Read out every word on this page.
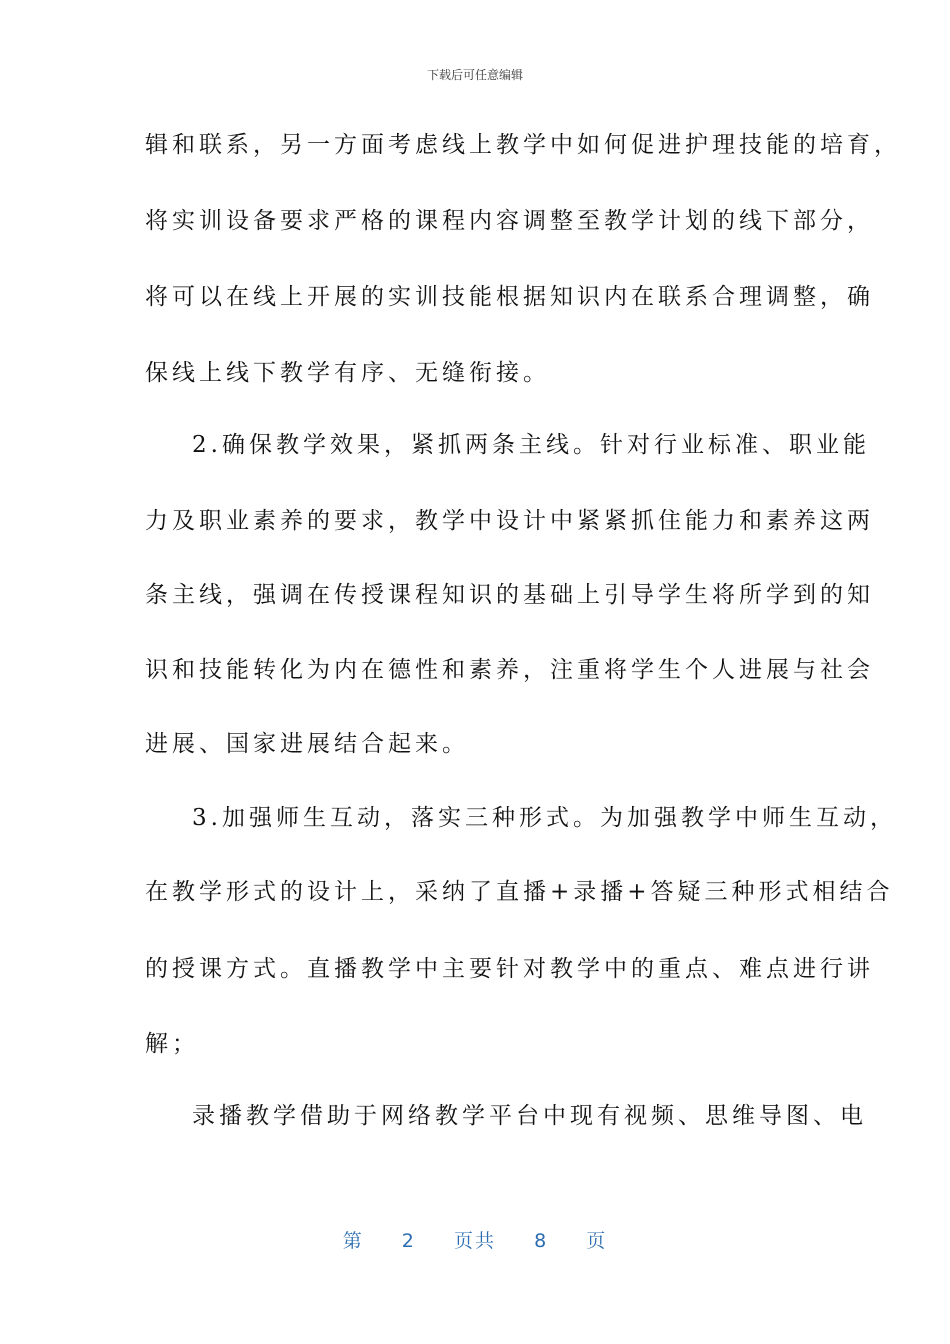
下载后可任意编辑
辑和联系，另一方面考虑线上教学中如何促进护理技能的培育，
将实训设备要求严格的课程内容调整至教学计划的线下部分，
将可以在线上开展的实训技能根据知识内在联系合理调整，确
保线上线下教学有序、无缝衔接。
2.确保教学效果，紧抓两条主线。针对行业标准、职业能
力及职业素养的要求，教学中设计中紧紧抓住能力和素养这两
条主线，强调在传授课程知识的基础上引导学生将所学到的知
识和技能转化为内在德性和素养，注重将学生个人进展与社会
进展、国家进展结合起来。
3.加强师生互动，落实三种形式。为加强教学中师生互动，
在教学形式的设计上，采纳了直播+录播+答疑三种形式相结合
的授课方式。直播教学中主要针对教学中的重点、难点进行讲
解；
录播教学借助于网络教学平台中现有视频、思维导图、电
第 2 页共 8 页
